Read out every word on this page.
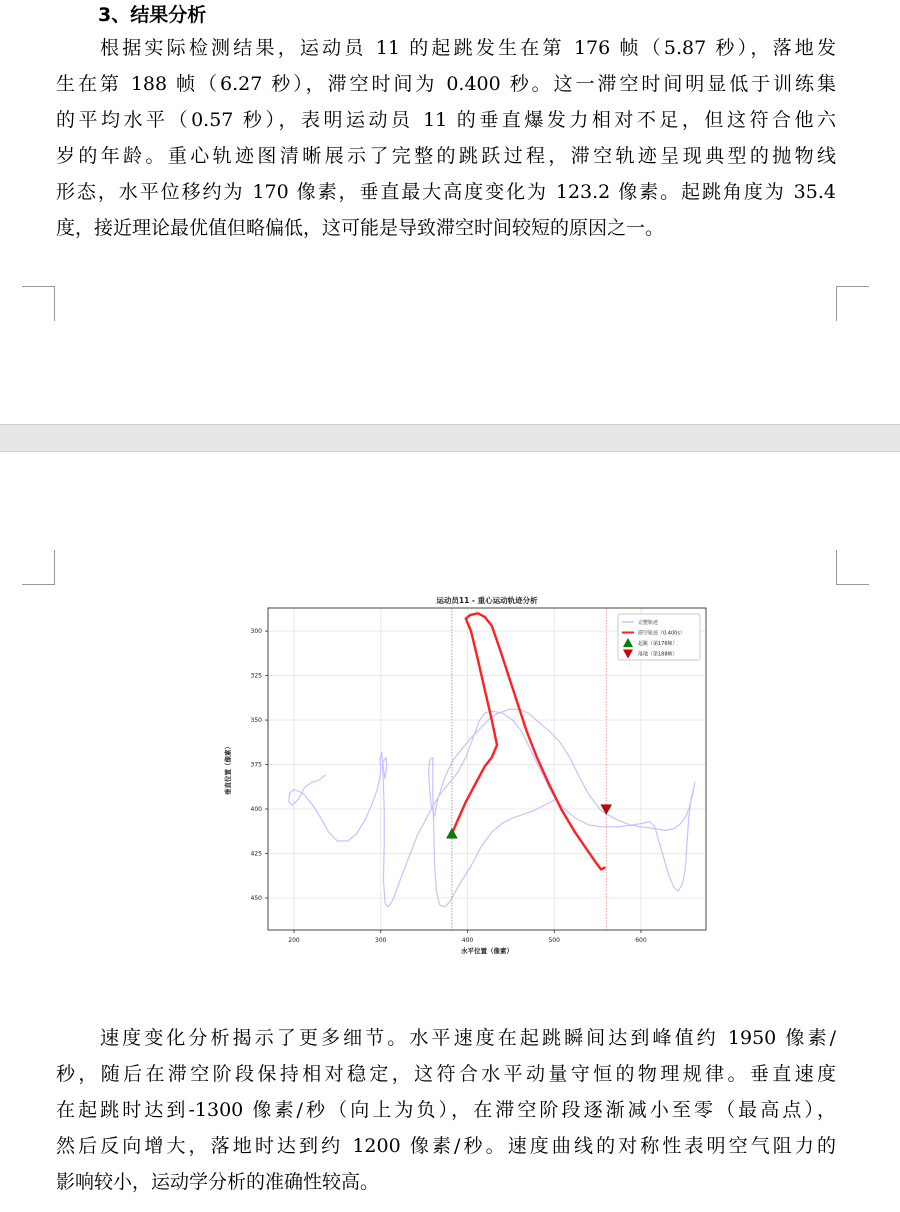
3、结果分析
根据实际检测结果，运动员 11 的起跳发生在第 176 帧（5.87 秒），落地发
生在第 188 帧（6.27 秒），滞空时间为 0.400 秒。这一滞空时间明显低于训练集
的平均水平（0.57 秒），表明运动员 11 的垂直爆发力相对不足，但这符合他六
岁的年龄。重心轨迹图清晰展示了完整的跳跃过程，滞空轨迹呈现典型的抛物线
形态，水平位移约为 170 像素，垂直最大高度变化为 123.2 像素。起跳角度为 35.4
度，接近理论最优值但略偏低，这可能是导致滞空时间较短的原因之一。
200	300	400	500	600
300
325
350
375
400
425
450
运动员11 - 重心运动轨迹分析
水平位置（像素）
垂直位置（像素）
完整轨迹
滞空轨迹（0.400s）
起跳（第176帧）
落地（第188帧）
速度变化分析揭示了更多细节。水平速度在起跳瞬间达到峰值约 1950 像素/
秒，随后在滞空阶段保持相对稳定，这符合水平动量守恒的物理规律。垂直速度
在起跳时达到-1300 像素/秒（向上为负），在滞空阶段逐渐减小至零（最高点），
然后反向增大，落地时达到约 1200 像素/秒。速度曲线的对称性表明空气阻力的
影响较小，运动学分析的准确性较高。
